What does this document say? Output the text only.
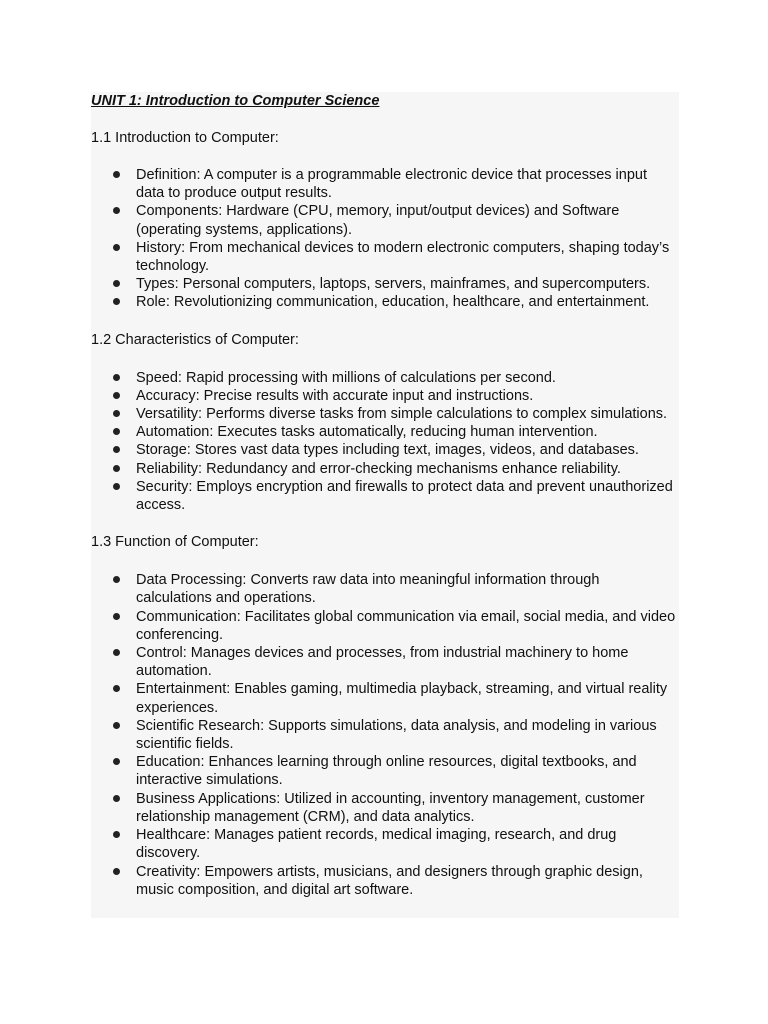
UNIT 1: Introduction to Computer Science
1.1 Introduction to Computer:
Definition: A computer is a programmable electronic device that processes input data to produce output results.
Components: Hardware (CPU, memory, input/output devices) and Software (operating systems, applications).
History: From mechanical devices to modern electronic computers, shaping today’s technology.
Types: Personal computers, laptops, servers, mainframes, and supercomputers.
Role: Revolutionizing communication, education, healthcare, and entertainment.
1.2 Characteristics of Computer:
Speed: Rapid processing with millions of calculations per second.
Accuracy: Precise results with accurate input and instructions.
Versatility: Performs diverse tasks from simple calculations to complex simulations.
Automation: Executes tasks automatically, reducing human intervention.
Storage: Stores vast data types including text, images, videos, and databases.
Reliability: Redundancy and error-checking mechanisms enhance reliability.
Security: Employs encryption and firewalls to protect data and prevent unauthorized access.
1.3 Function of Computer:
Data Processing: Converts raw data into meaningful information through calculations and operations.
Communication: Facilitates global communication via email, social media, and video conferencing.
Control: Manages devices and processes, from industrial machinery to home automation.
Entertainment: Enables gaming, multimedia playback, streaming, and virtual reality experiences.
Scientific Research: Supports simulations, data analysis, and modeling in various scientific fields.
Education: Enhances learning through online resources, digital textbooks, and interactive simulations.
Business Applications: Utilized in accounting, inventory management, customer relationship management (CRM), and data analytics.
Healthcare: Manages patient records, medical imaging, research, and drug discovery.
Creativity: Empowers artists, musicians, and designers through graphic design, music composition, and digital art software.
